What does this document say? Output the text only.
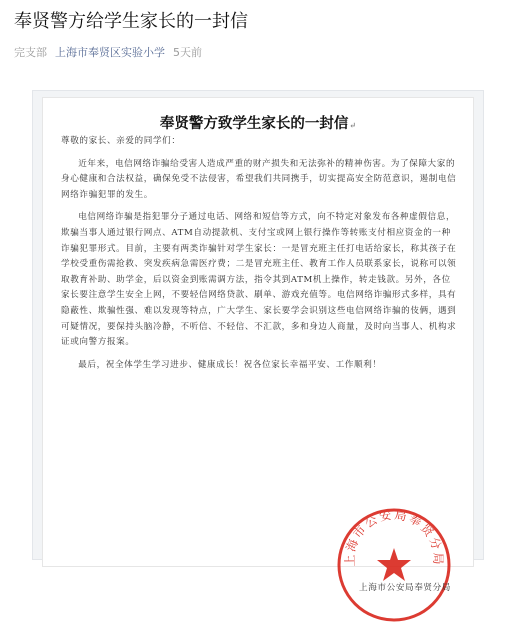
奉贤警方给学生家长的一封信
完支部 上海市奉贤区实验小学 5天前
奉贤警方致学生家长的一封信↵

尊敬的家长、亲爱的同学们：

近年来，电信网络诈骗给受害人造成严重的财产损失和无法弥补的精神伤害。为了保障大家的身心健康和合法权益，确保免受不法侵害，希望我们共同携手，切实提高安全防范意识，遏制电信网络诈骗犯罪的发生。

电信网络诈骗是指犯罪分子通过电话、网络和短信等方式，向不特定对象发布各种虚假信息，欺骗当事人通过银行网点、ATM自动提款机、支付宝或网上银行操作等转账支付相应资金的一种诈骗犯罪形式。目前，主要有两类诈骗针对学生家长：一是冒充班主任打电话给家长，称其孩子在学校受重伤需抢救、突发疾病急需医疗费；二是冒充班主任、教育工作人员联系家长，说称可以领取教育补助、助学金，后以资金到账需调方法，指令其到ATM机上操作，转走钱款。另外，各位家长要注意学生安全上网，不要轻信网络贷款、刷单、游戏充值等。电信网络诈骗形式多样，具有隐蔽性、欺骗性强、难以发现等特点，广大学生、家长要学会识别这些电信网络诈骗的伎俩，遇到可疑情况，要保持头脑冷静，不听信、不轻信、不汇款，多和身边人商量，及时向当事人、机构求证或向警方报案。

最后，祝全体学生学习进步、健康成长！祝各位家长幸福平安、工作顺利！

上海市公安局奉贤分局
上海市公安局奉贤分局
